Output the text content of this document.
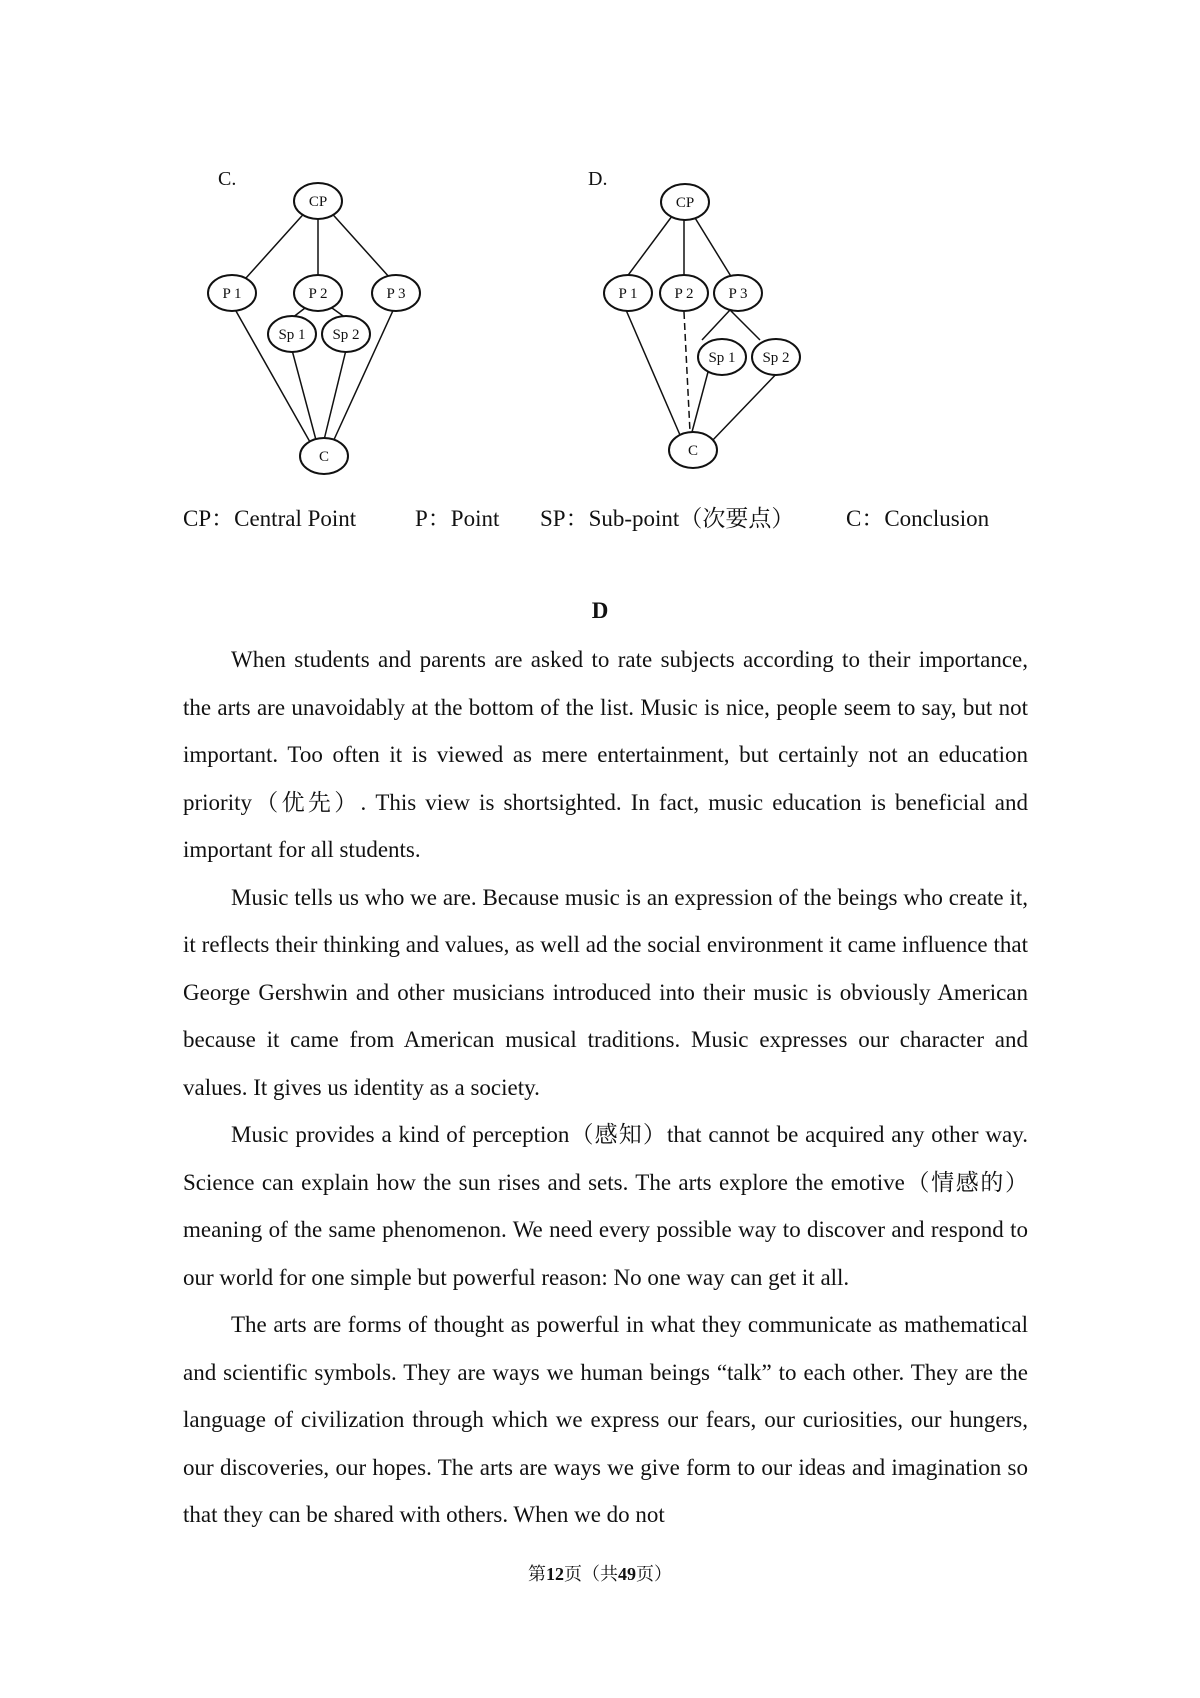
C.
CP
P 1	P 2	P 3
Sp 1 Sp 2
C
D.
CP
P 1 P 2 P 3
Sp 1 Sp 2
C
CP：Central Point	P：Point SP：Sub-point（次要点） C：Conclusion
D

When students and parents are asked to rate subjects according to their importance, the arts are unavoidably at the bottom of the list. Music is nice, people seem to say, but not important. Too often it is viewed as mere entertainment, but certainly not an education priority（优先）. This view is shortsighted. In fact, music education is beneficial and important for all students.

Music tells us who we are. Because music is an expression of the beings who create it, it reflects their thinking and values, as well ad the social environment it came influence that George Gershwin and other musicians introduced into their music is obviously American because it came from American musical traditions. Music expresses our character and values. It gives us identity as a society.

Music provides a kind of perception（感知）that cannot be acquired any other way. Science can explain how the sun rises and sets. The arts explore the emotive（情感的）meaning of the same phenomenon. We need every possible way to discover and respond to our world for one simple but powerful reason: No one way can get it all.

The arts are forms of thought as powerful in what they communicate as mathematical and scientific symbols. They are ways we human beings “talk” to each other. They are the language of civilization through which we express our fears, our curiosities, our hungers, our discoveries, our hopes. The arts are ways we give form to our ideas and imagination so that they can be shared with others. When we do not

第12页（共49页）
